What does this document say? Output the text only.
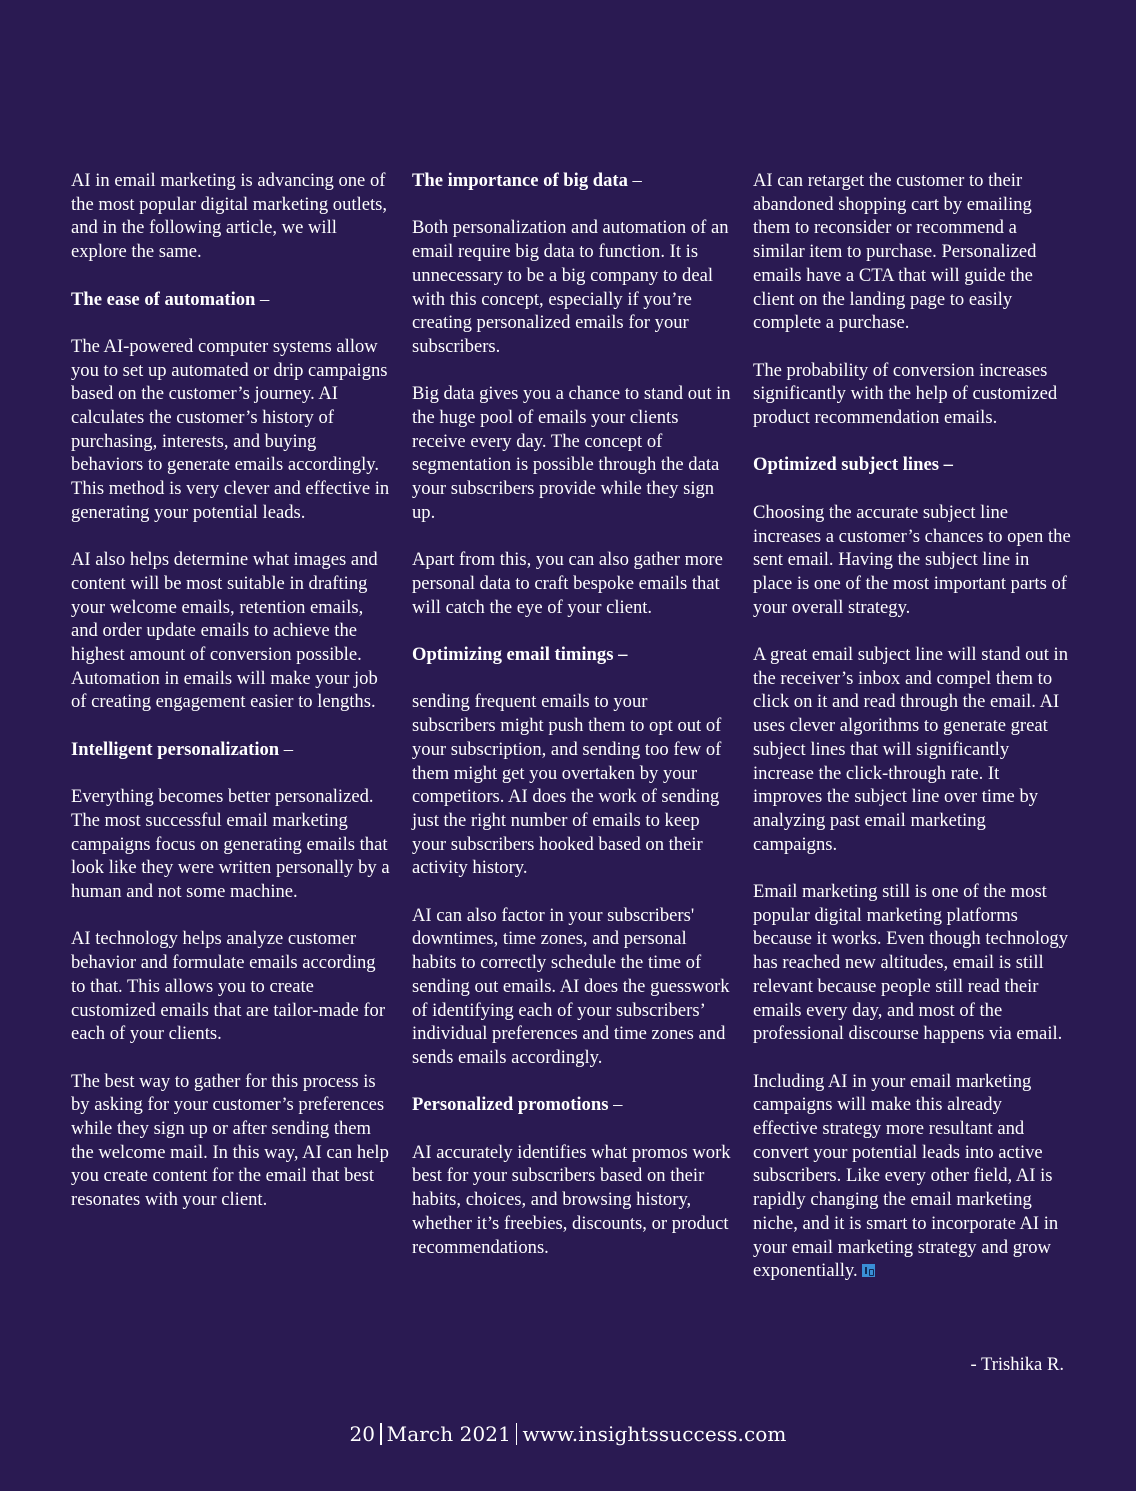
AI in email marketing is advancing one of the most popular digital marketing outlets, and in the following article, we will explore the same.

The ease of automation –

The AI-powered computer systems allow you to set up automated or drip campaigns based on the customer’s journey. AI calculates the customer’s history of purchasing, interests, and buying behaviors to generate emails accordingly. This method is very clever and effective in generating your potential leads.

AI also helps determine what images and content will be most suitable in drafting your welcome emails, retention emails, and order update emails to achieve the highest amount of conversion possible. Automation in emails will make your job of creating engagement easier to lengths.

Intelligent personalization –

Everything becomes better personalized. The most successful email marketing campaigns focus on generating emails that look like they were written personally by a human and not some machine.

AI technology helps analyze customer behavior and formulate emails according to that. This allows you to create customized emails that are tailor-made for each of your clients.

The best way to gather for this process is by asking for your customer’s preferences while they sign up or after sending them the welcome mail. In this way, AI can help you create content for the email that best resonates with your client.

The importance of big data –

Both personalization and automation of an email require big data to function. It is unnecessary to be a big company to deal with this concept, especially if you’re creating personalized emails for your subscribers.

Big data gives you a chance to stand out in the huge pool of emails your clients receive every day. The concept of segmentation is possible through the data your subscribers provide while they sign up.

Apart from this, you can also gather more personal data to craft bespoke emails that will catch the eye of your client.

Optimizing email timings –

sending frequent emails to your subscribers might push them to opt out of your subscription, and sending too few of them might get you overtaken by your competitors. AI does the work of sending just the right number of emails to keep your subscribers hooked based on their activity history.

AI can also factor in your subscribers' downtimes, time zones, and personal habits to correctly schedule the time of sending out emails. AI does the guesswork of identifying each of your subscribers’ individual preferences and time zones and sends emails accordingly.

Personalized promotions –

AI accurately identifies what promos work best for your subscribers based on their habits, choices, and browsing history, whether it’s freebies, discounts, or product recommendations.

AI can retarget the customer to their abandoned shopping cart by emailing them to reconsider or recommend a similar item to purchase. Personalized emails have a CTA that will guide the client on the landing page to easily complete a purchase.

The probability of conversion increases significantly with the help of customized product recommendation emails.

Optimized subject lines –

Choosing the accurate subject line increases a customer’s chances to open the sent email. Having the subject line in place is one of the most important parts of your overall strategy.

A great email subject line will stand out in the receiver’s inbox and compel them to click on it and read through the email. AI uses clever algorithms to generate great subject lines that will significantly increase the click-through rate. It improves the subject line over time by analyzing past email marketing campaigns.

Email marketing still is one of the most popular digital marketing platforms because it works. Even though technology has reached new altitudes, email is still relevant because people still read their emails every day, and most of the professional discourse happens via email.

Including AI in your email marketing campaigns will make this already effective strategy more resultant and convert your potential leads into active subscribers. Like every other field, AI is rapidly changing the email marketing niche, and it is smart to incorporate AI in your email marketing strategy and grow exponentially.

- Trishika R.
20 March 2021 www.insightssuccess.com
